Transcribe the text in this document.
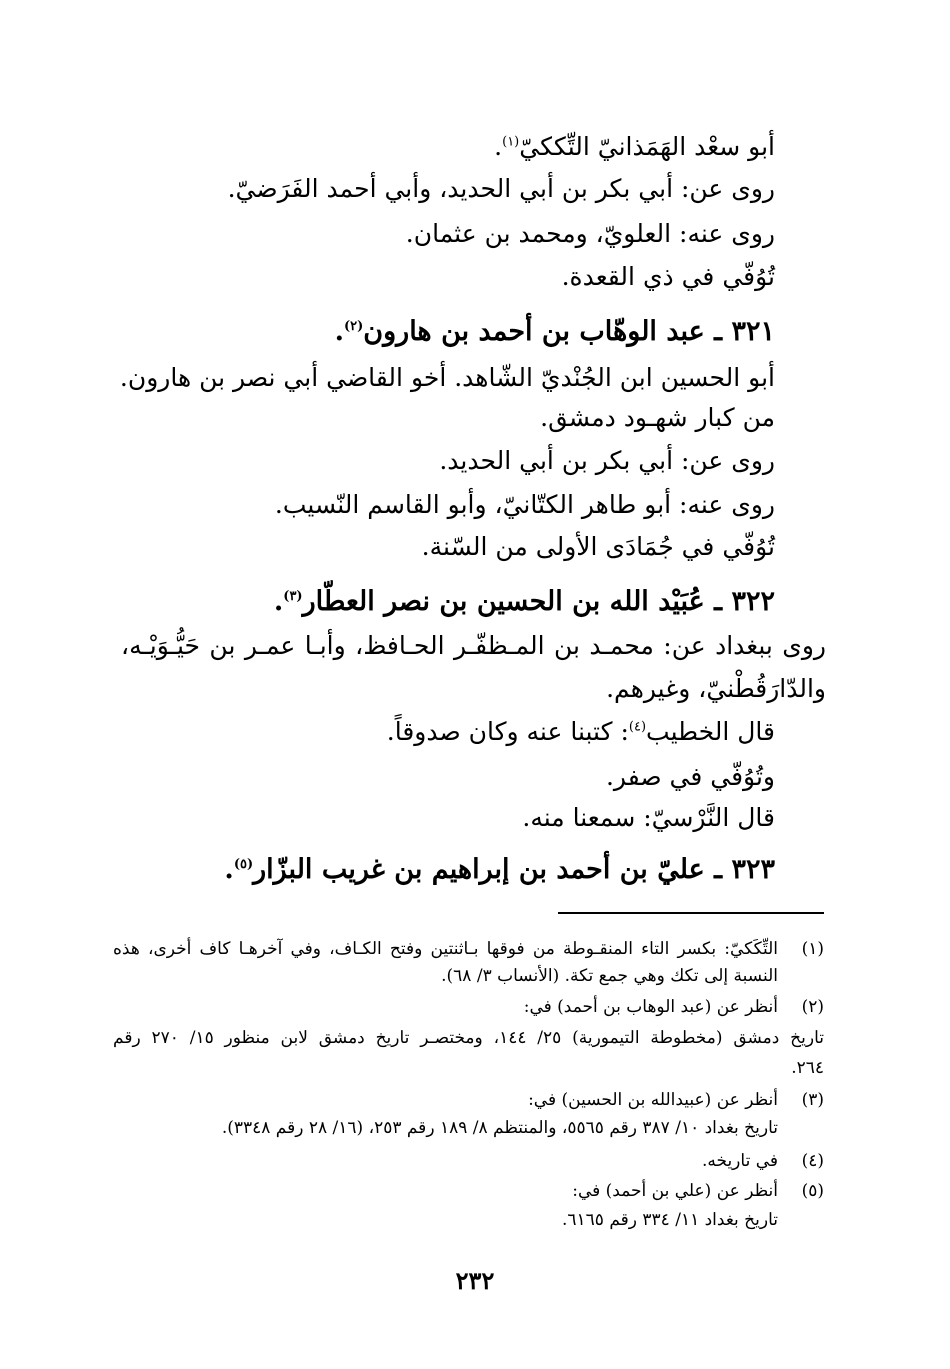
أبو سعْد الهَمَذانيّ التِّككيّ$^{(١)}$.
روى عن: أبي بكر بن أبي الحديد، وأبي أحمد الفَرَضيّ.
روى عنه: العلويّ، ومحمد بن عثمان.
تُوُفّي في ذي القعدة.
٣٢١ ـ عبد الوهّاب بن أحمد بن هارون$^{(٢)}$.
أبو الحسين ابن الجُنْديّ الشّاهد. أخو القاضي أبي نصر بن هارون.
من كبار شهـود دمشق.
روى عن: أبي بكر بن أبي الحديد.
روى عنه: أبو طاهر الكتّانيّ، وأبو القاسم النّسيب.
تُوُفّي في جُمَادَى الأولى من السّنة.
٣٢٢ ـ عُبَيْد الله بن الحسين بن نصر العطّار$^{(٣)}$.
روى ببغداد عن: محمـد بن المـظفّـر الحـافظ، وأبـا عمـر بن حَيُّـوَيْـه،
والدّارَقُطْنيّ، وغيرهم.
قال الخطيب$^{(٤)}$: كتبنا عنه وكان صدوقاً.
وتُوُفّي في صفر.
قال النَّرْسيّ: سمعنا منه.
٣٢٣ ـ عليّ بن أحمد بن إبراهيم بن غريب البزّار$^{(٥)}$.
(١)
التِّكَكيّ: بكسر التاء المنقـوطة من فوقها بـاثنتين وفتح الكـاف، وفي آخرهـا كاف أخرى، هذه
النسبة إلى تكك وهي جمع تكة. (الأنساب ٣/ ٦٨).
(٢)
أنظر عن (عبد الوهاب بن أحمد) في:
تاريخ دمشق (مخطوطة التيمورية) ٢٥/ ١٤٤، ومختصـر تاريخ دمشق لابن منظور ١٥/ ٢٧٠ رقم
٢٦٤.
(٣)
أنظر عن (عبيدالله بن الحسين) في:
تاريخ بغداد ١٠/ ٣٨٧ رقم ٥٥٦٥، والمنتظم ٨/ ١٨٩ رقم ٢٥٣، (١٦/ ٢٨ رقم ٣٣٤٨).
(٤)
في تاريخه.
(٥)
أنظر عن (علي بن أحمد) في:
تاريخ بغداد ١١/ ٣٣٤ رقم ٦١٦٥.
٢٣٢
